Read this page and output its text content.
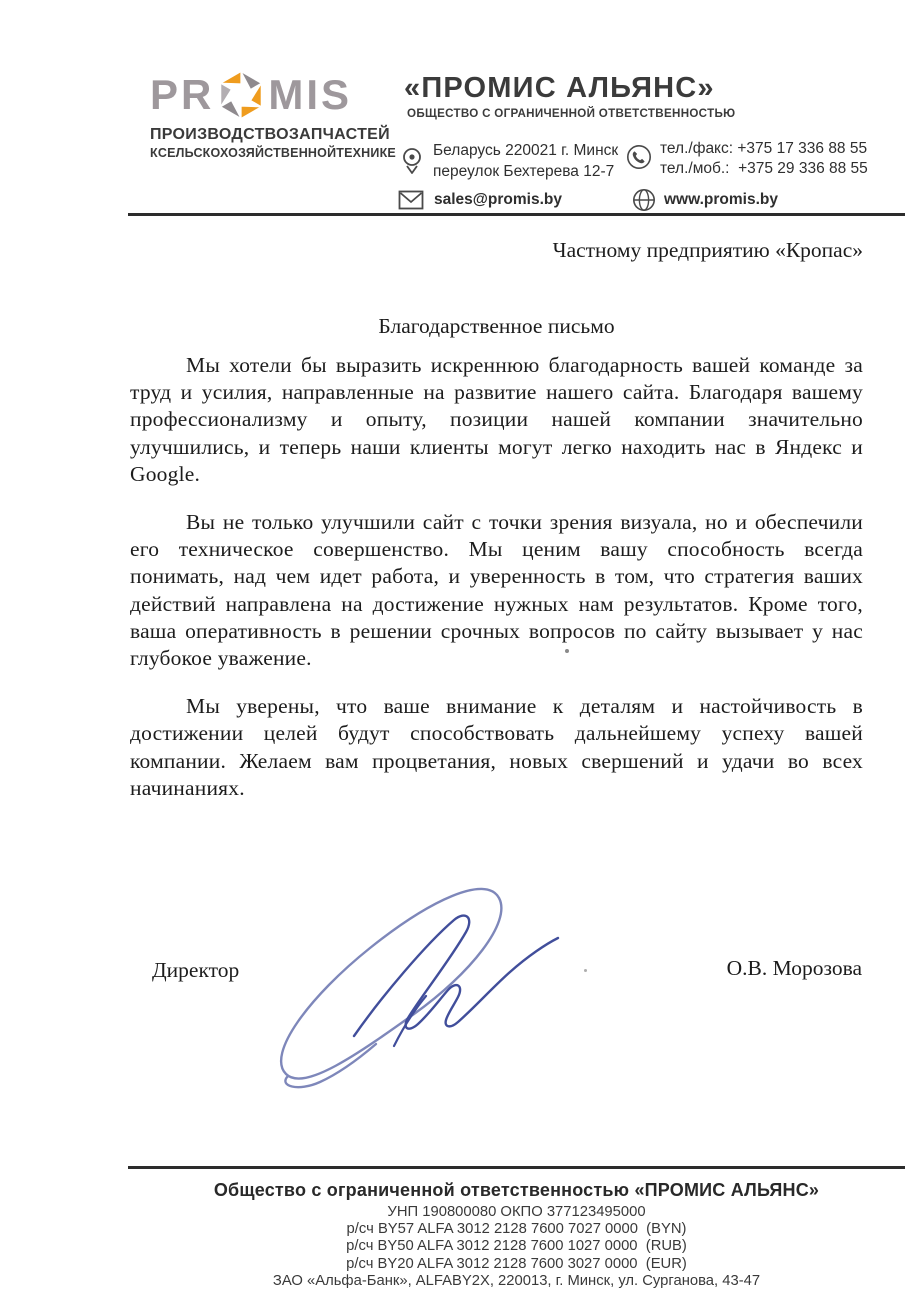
PR MIS
ПРОИЗВОДСТВО ЗАПЧАСТЕЙ
К СЕЛЬСКОХОЗЯЙСТВЕННОЙ ТЕХНИКЕ
«ПРОМИС АЛЬЯНС»
ОБЩЕСТВО С ОГРАНИЧЕННОЙ ОТВЕТСТВЕННОСТЬЮ
Беларусь 220021 г. Минск
переулок Бехтерева 12-7
тел./факс: +375 17 336 88 55
тел./моб.:  +375 29 336 88 55
sales@promis.by	www.promis.by
Частному предприятию «Кропас»
Благодарственное письмо

Мы хотели бы выразить искреннюю благодарность вашей команде за труд и усилия, направленные на развитие нашего сайта. Благодаря вашему профессионализму и опыту, позиции нашей компании значительно улучшились, и теперь наши клиенты могут легко находить нас в Яндекс и Google.

Вы не только улучшили сайт с точки зрения визуала, но и обеспечили его техническое совершенство. Мы ценим вашу способность всегда понимать, над чем идет работа, и уверенность в том, что стратегия ваших действий направлена на достижение нужных нам результатов. Кроме того, ваша оперативность в решении срочных вопросов по сайту вызывает у нас глубокое уважение.

Мы уверены, что ваше внимание к деталям и настойчивость в достижении целей будут способствовать дальнейшему успеху вашей компании. Желаем вам процветания, новых свершений и удачи во всех начинаниях.

Директор	О.В. Морозова
Общество с ограниченной ответственностью «ПРОМИС АЛЬЯНС»
УНП 190800080 ОКПО 377123495000
р/сч BY57 ALFA 3012 2128 7600 7027 0000  (BYN)
р/сч BY50 ALFA 3012 2128 7600 1027 0000  (RUB)
р/сч BY20 ALFA 3012 2128 7600 3027 0000  (EUR)
ЗАО «Альфа-Банк», ALFABY2X, 220013, г. Минск, ул. Сурганова, 43-47
